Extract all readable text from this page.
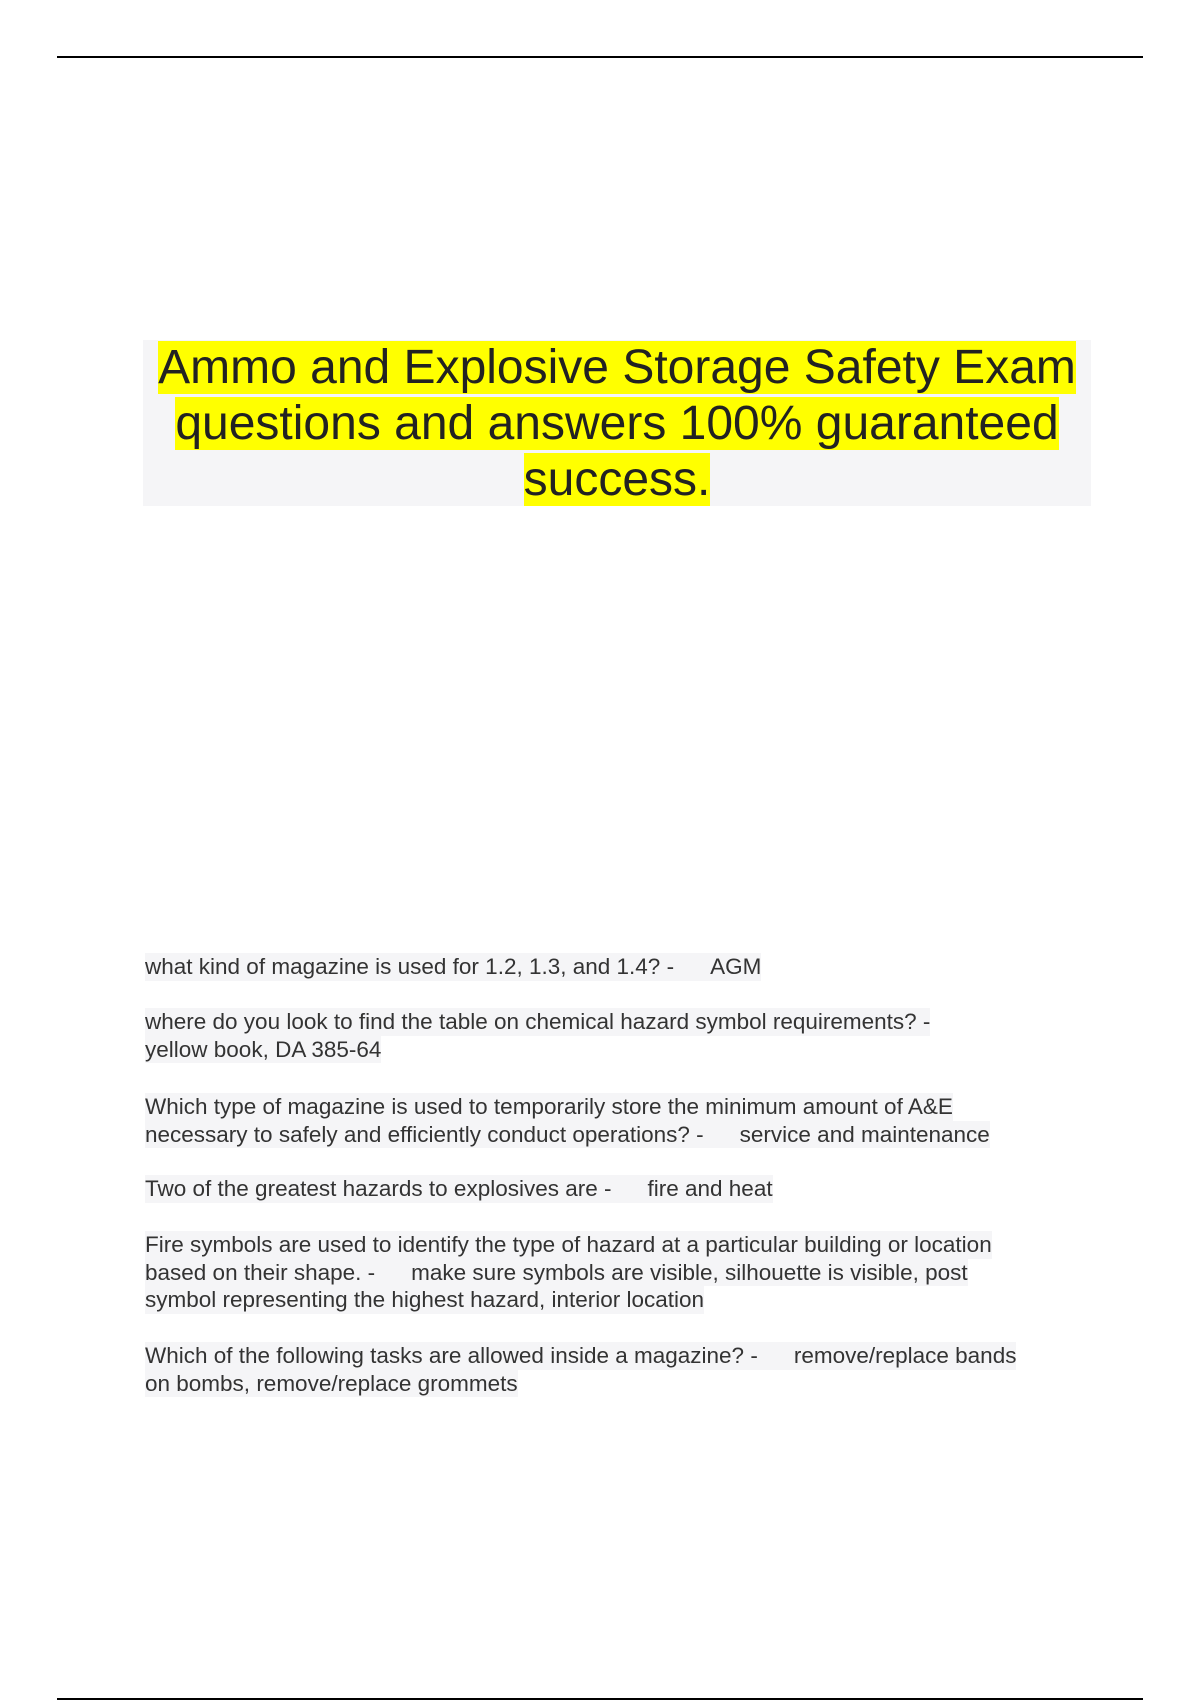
Ammo and Explosive Storage Safety Exam
questions and answers 100% guaranteed
success.
what kind of magazine is used for 1.2, 1.3, and 1.4? - AGM
where do you look to find the table on chemical hazard symbol requirements? -
yellow book, DA 385-64
Which type of magazine is used to temporarily store the minimum amount of A&E
necessary to safely and efficiently conduct operations? - service and maintenance
Two of the greatest hazards to explosives are - fire and heat
Fire symbols are used to identify the type of hazard at a particular building or location
based on their shape. - make sure symbols are visible, silhouette is visible, post
symbol representing the highest hazard, interior location
Which of the following tasks are allowed inside a magazine? - remove/replace bands
on bombs, remove/replace grommets
